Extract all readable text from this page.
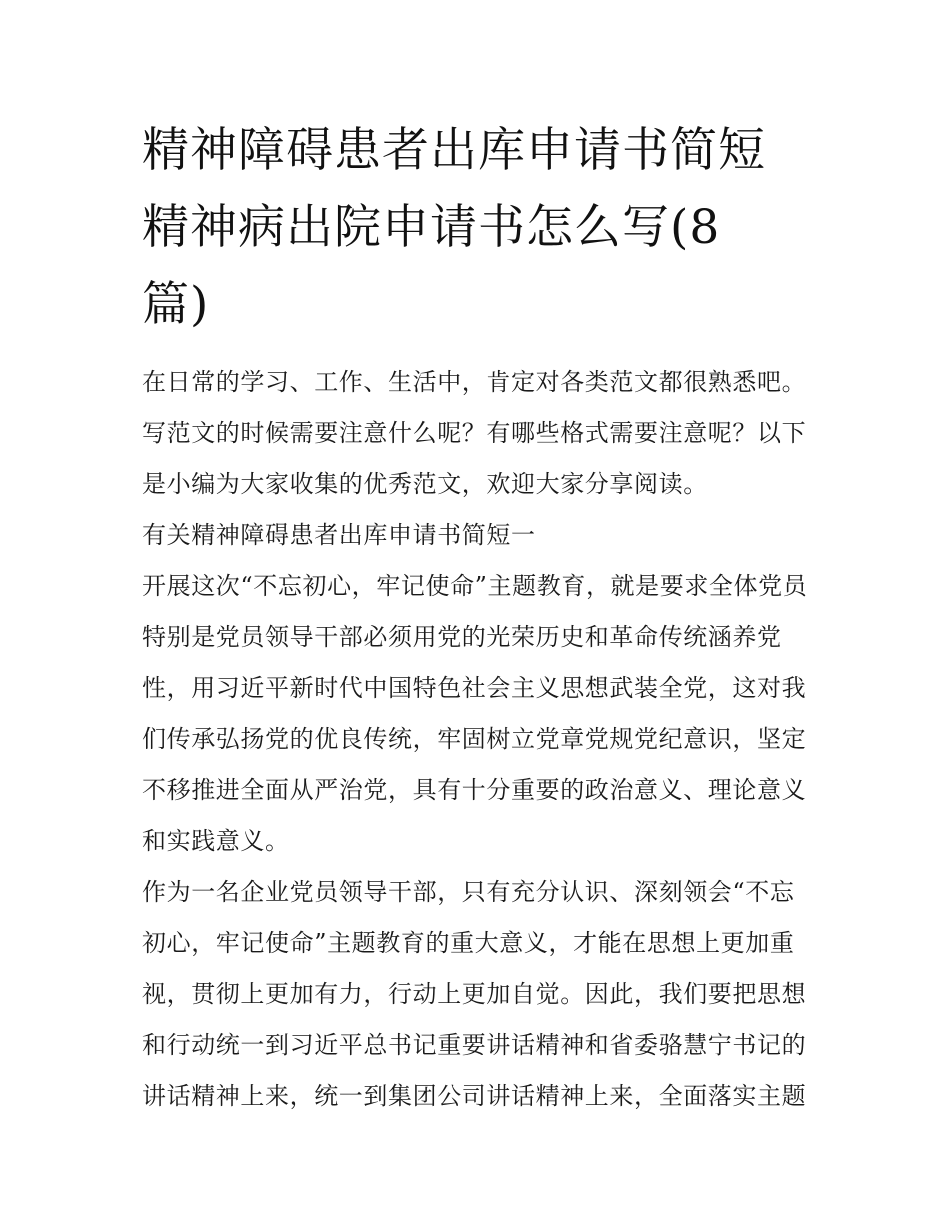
精神障碍患者出库申请书简短
精神病出院申请书怎么写(8
篇)

在日常的学习、工作、生活中，肯定对各类范文都很熟悉吧。
写范文的时候需要注意什么呢？有哪些格式需要注意呢？以下
是小编为大家收集的优秀范文，欢迎大家分享阅读。

有关精神障碍患者出库申请书简短一

开展这次“不忘初心，牢记使命”主题教育，就是要求全体党员
特别是党员领导干部必须用党的光荣历史和革命传统涵养党
性，用习近平新时代中国特色社会主义思想武装全党，这对我
们传承弘扬党的优良传统，牢固树立党章党规党纪意识，坚定
不移推进全面从严治党，具有十分重要的政治意义、理论意义
和实践意义。

作为一名企业党员领导干部，只有充分认识、深刻领会“不忘
初心，牢记使命”主题教育的重大意义，才能在思想上更加重
视，贯彻上更加有力，行动上更加自觉。因此，我们要把思想
和行动统一到习近平总书记重要讲话精神和省委骆慧宁书记的
讲话精神上来，统一到集团公司讲话精神上来，全面落实主题
